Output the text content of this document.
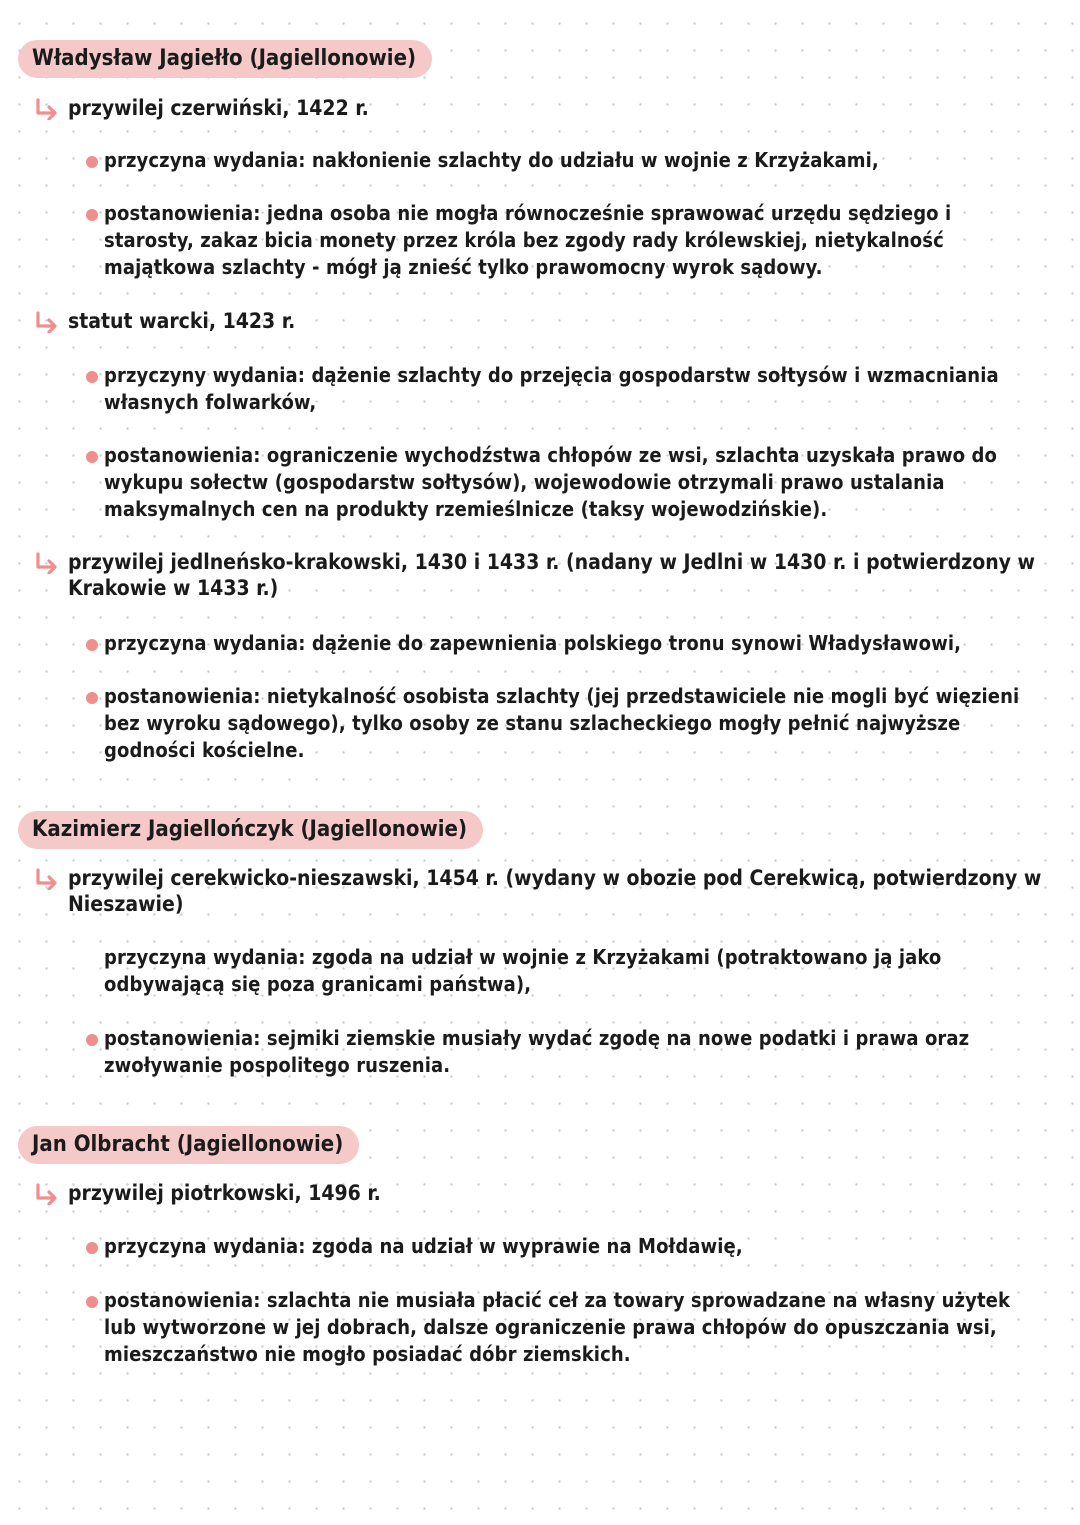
Władysław Jagiełło (Jagiellonowie)
przywilej czerwiński, 1422 r.
przyczyna wydania: nakłonienie szlachty do udziału w wojnie z Krzyżakami,
postanowienia: jedna osoba nie mogła równocześnie sprawować urzędu sędziego i starosty, zakaz bicia monety przez króla bez zgody rady królewskiej, nietykalność majątkowa szlachty - mógł ją znieść tylko prawomocny wyrok sądowy.
statut warcki, 1423 r.
przyczyny wydania: dążenie szlachty do przejęcia gospodarstw sołtysów i wzmacniania własnych folwarków,
postanowienia: ograniczenie wychodźstwa chłopów ze wsi, szlachta uzyskała prawo do wykupu sołectw (gospodarstw sołtysów), wojewodowie otrzymali prawo ustalania maksymalnych cen na produkty rzemieślnicze (taksy wojewodzińskie).
przywilej jedlneńsko-krakowski, 1430 i 1433 r. (nadany w Jedlni w 1430 r. i potwierdzony w Krakowie w 1433 r.)
przyczyna wydania: dążenie do zapewnienia polskiego tronu synowi Władysławowi,
postanowienia: nietykalność osobista szlachty (jej przedstawiciele nie mogli być więzieni bez wyroku sądowego), tylko osoby ze stanu szlacheckiego mogły pełnić najwyższe godności kościelne.
Kazimierz Jagiellończyk (Jagiellonowie)
przywilej cerekwicko-nieszawski, 1454 r. (wydany w obozie pod Cerekwicą, potwierdzony w Nieszawie)
przyczyna wydania: zgoda na udział w wojnie z Krzyżakami (potraktowano ją jako odbywającą się poza granicami państwa),
postanowienia: sejmiki ziemskie musiały wydać zgodę na nowe podatki i prawa oraz zwoływanie pospolitego ruszenia.
Jan Olbracht (Jagiellonowie)
przywilej piotrkowski, 1496 r.
przyczyna wydania: zgoda na udział w wyprawie na Mołdawię,
postanowienia: szlachta nie musiała płacić ceł za towary sprowadzane na własny użytek lub wytworzone w jej dobrach, dalsze ograniczenie prawa chłopów do opuszczania wsi, mieszczaństwo nie mogło posiadać dóbr ziemskich.
